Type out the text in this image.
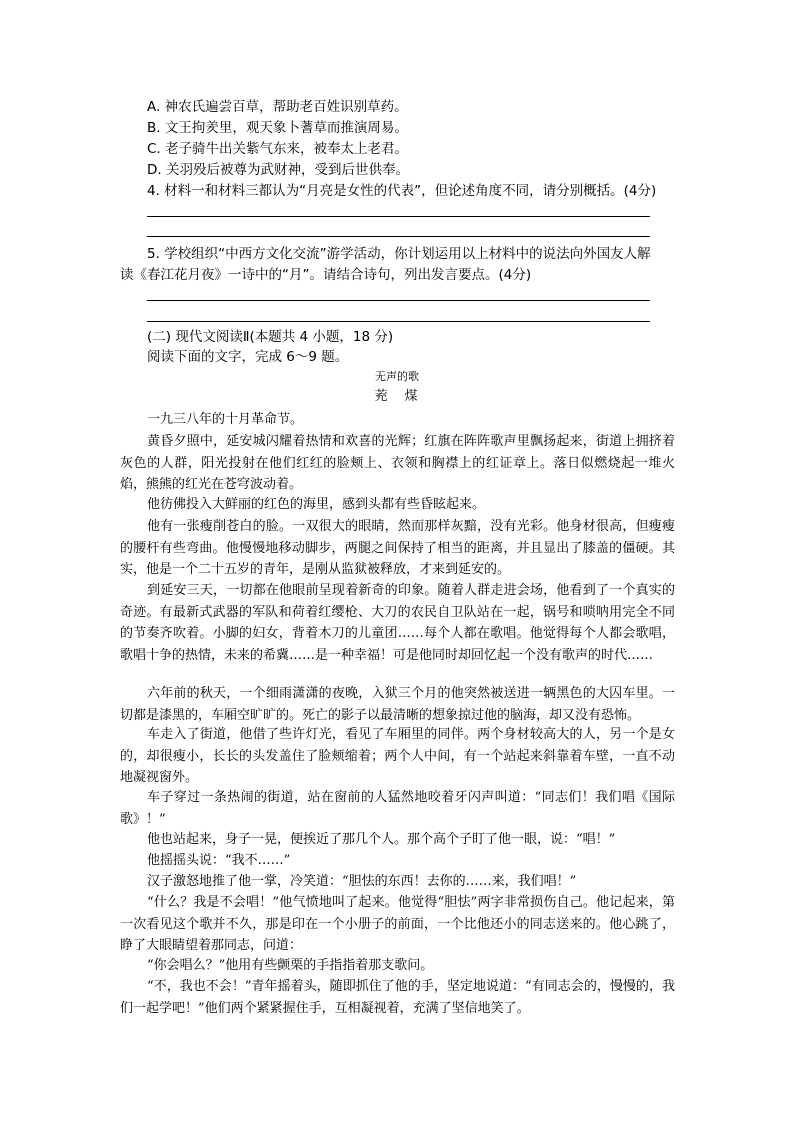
A. 神农氏遍尝百草，帮助老百姓识别草药。
B. 文王拘羑里，观天象卜蓍草而推演周易。
C. 老子骑牛出关紫气东来，被奉太上老君。
D. 关羽殁后被尊为武财神，受到后世供奉。
4. 材料一和材料三都认为“月亮是女性的代表”，但论述角度不同，请分别概括。(4分)
5. 学校组织“中西方文化交流”游学活动，你计划运用以上材料中的说法向外国友人解
读《春江花月夜》一诗中的“月”。请结合诗句，列出发言要点。(4分)
(二) 现代文阅读Ⅱ(本题共 4 小题，18 分)
阅读下面的文字，完成 6～9 题。
无声的歌
茺　煤

一九三八年的十月革命节。

黄昏夕照中，延安城闪耀着热情和欢喜的光辉；红旗在阵阵歌声里飘扬起来，街道上拥挤着灰色的人群，阳光投射在他们红红的脸颊上、衣领和胸襟上的红证章上。落日似燃烧起一堆火焰，熊熊的红光在苍穹波动着。

他彷佛投入大鲜丽的红色的海里，感到头都有些昏眩起来。

他有一张瘦削苍白的脸。一双很大的眼睛，然而那样灰黯，没有光彩。他身材很高，但瘦瘦的腰杆有些弯曲。他慢慢地移动脚步，两腿之间保持了相当的距离，并且显出了膝盖的僵硬。其实，他是一个二十五岁的青年，是刚从监狱被释放，才来到延安的。

到延安三天，一切都在他眼前呈现着新奇的印象。随着人群走进会场，他看到了一个真实的奇迹。有最新式武器的军队和荷着红缨枪、大刀的农民自卫队站在一起，锅号和唢呐用完全不同的节奏齐吹着。小脚的妇女，背着木刀的儿童团……每个人都在歌唱。他觉得每个人都会歌唱，歌唱十争的热情，未来的希冀……是一种幸福！可是他同时却回忆起一个没有歌声的时代……

六年前的秋天，一个细雨潇潇的夜晚，入狱三个月的他突然被送进一辆黑色的大囚车里。一切都是漆黑的，车厢空旷旷的。死亡的影子以最清晰的想象掠过他的脑海，却又没有恐怖。

车走入了街道，他借了些许灯光，看见了车厢里的同伴。两个身材较高大的人，另一个是女的，却很瘦小，长长的头发盖住了脸颊缩着；两个人中间，有一个站起来斜靠着车壁，一直不动地凝视窗外。

车子穿过一条热闹的街道，站在窗前的人猛然地咬着牙闪声叫道：“同志们！我们唱《国际歌》！”

他也站起来，身子一晃，便挨近了那几个人。那个高个子盯了他一眼，说：“唱！”

他摇摇头说：“我不……”

汉子激怒地推了他一掌，冷笑道：“胆怯的东西！去你的……来，我们唱！”

“什么？我是不会唱！”他气愤地叫了起来。他觉得“胆怯”两字非常损伤自己。他记起来，第一次看见这个歌并不久，那是印在一个小册子的前面，一个比他还小的同志送来的。他心跳了，睁了大眼睛望着那同志，问道：

“你会唱么？”他用有些颤栗的手指指着那支歌问。

“不，我也不会！”青年摇着头，随即抓住了他的手，坚定地说道：“有同志会的，慢慢的，我们一起学吧！”他们两个紧紧握住手，互相凝视着，充满了坚信地笑了。
